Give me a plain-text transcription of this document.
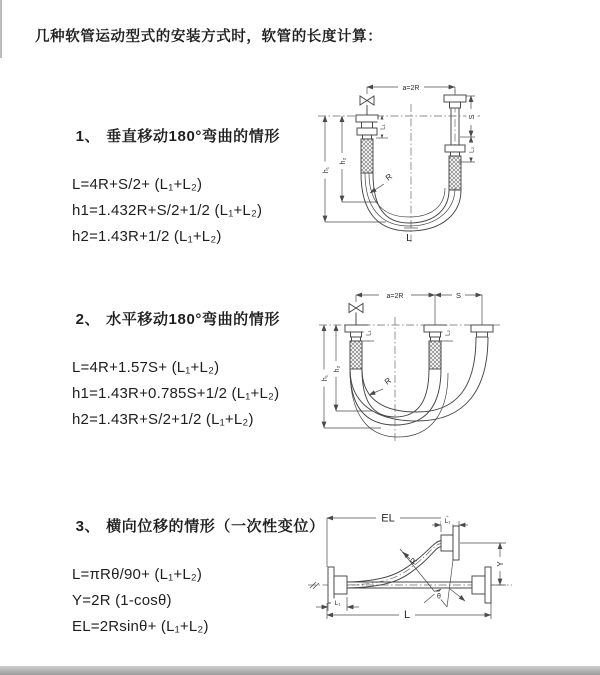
几种软管运动型式的安装方式时，软管的长度计算：

1、 垂直移动180°弯曲的情形

L=4R+S/2+ (L₁+L₂)
h1=1.432R+S/2+1/2 (L₁+L₂)
h2=1.43R+1/2 (L₁+L₂)

2、 水平移动180°弯曲的情形

L=4R+1.57S+ (L₁+L₂)
h1=1.43R+0.785S+1/2 (L₁+L₂)
h2=1.43R+S/2+1/2 (L₁+L₂)

3、 横向位移的情形（一次性变位）

L=πRθ/90+ (L₁+L₂)
Y=2R (1-cosθ)
EL=2Rsinθ+ (L₁+L₂)
a=2R
S
L₂
h₁
h₂
L₁
R
L
a=2R	S
h₁
h₂
L₁	L₂
R
EL	L₁
Y
R
θ
L
L₁
